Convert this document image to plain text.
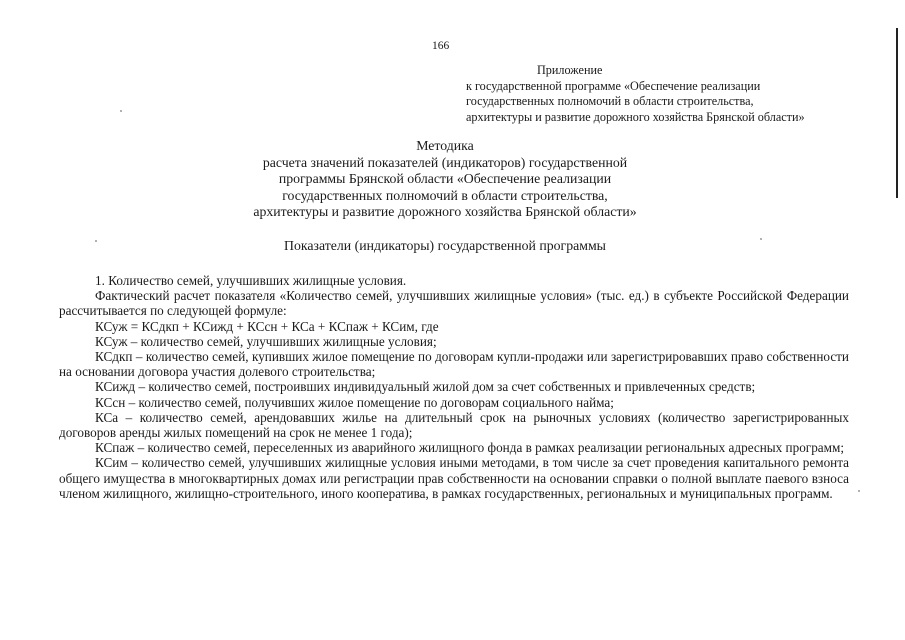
166
Приложение
к государственной программе «Обеспечение реализации
государственных полномочий в области строительства,
архитектуры и развитие дорожного хозяйства Брянской области»
Методика
расчета значений показателей (индикаторов) государственной
программы Брянской области «Обеспечение реализации
государственных полномочий в области строительства,
архитектуры и развитие дорожного хозяйства Брянской области»
Показатели (индикаторы) государственной программы

1. Количество семей, улучшивших жилищные условия.

Фактический расчет показателя «Количество семей, улучшивших жилищные условия» (тыс. ед.) в субъекте Российской Федерации рассчитывается по следующей формуле:

КСуж = КСдкп + КСижд + КСсн + КСа + КСпаж + КСим, где

КСуж – количество семей, улучшивших жилищные условия;

КСдкп – количество семей, купивших жилое помещение по договорам купли-продажи или зарегистрировавших право собственности на основании договора участия долевого строительства;

КСижд – количество семей, построивших индивидуальный жилой дом за счет собственных и привлеченных средств;

КСсн – количество семей, получивших жилое помещение по договорам социального найма;

КСа – количество семей, арендовавших жилье на длительный срок на рыночных условиях (количество зарегистрированных договоров аренды жилых помещений на срок не менее 1 года);

КСпаж – количество семей, переселенных из аварийного жилищного фонда в рамках реализации региональных адресных программ;

КСим – количество семей, улучшивших жилищные условия иными методами, в том числе за счет проведения капитального ремонта общего имущества в многоквартирных домах или регистрации прав собственности на основании справки о полной выплате паевого взноса членом жилищного, жилищно-строительного, иного кооператива, в рамках государственных, региональных и муниципальных программ.
